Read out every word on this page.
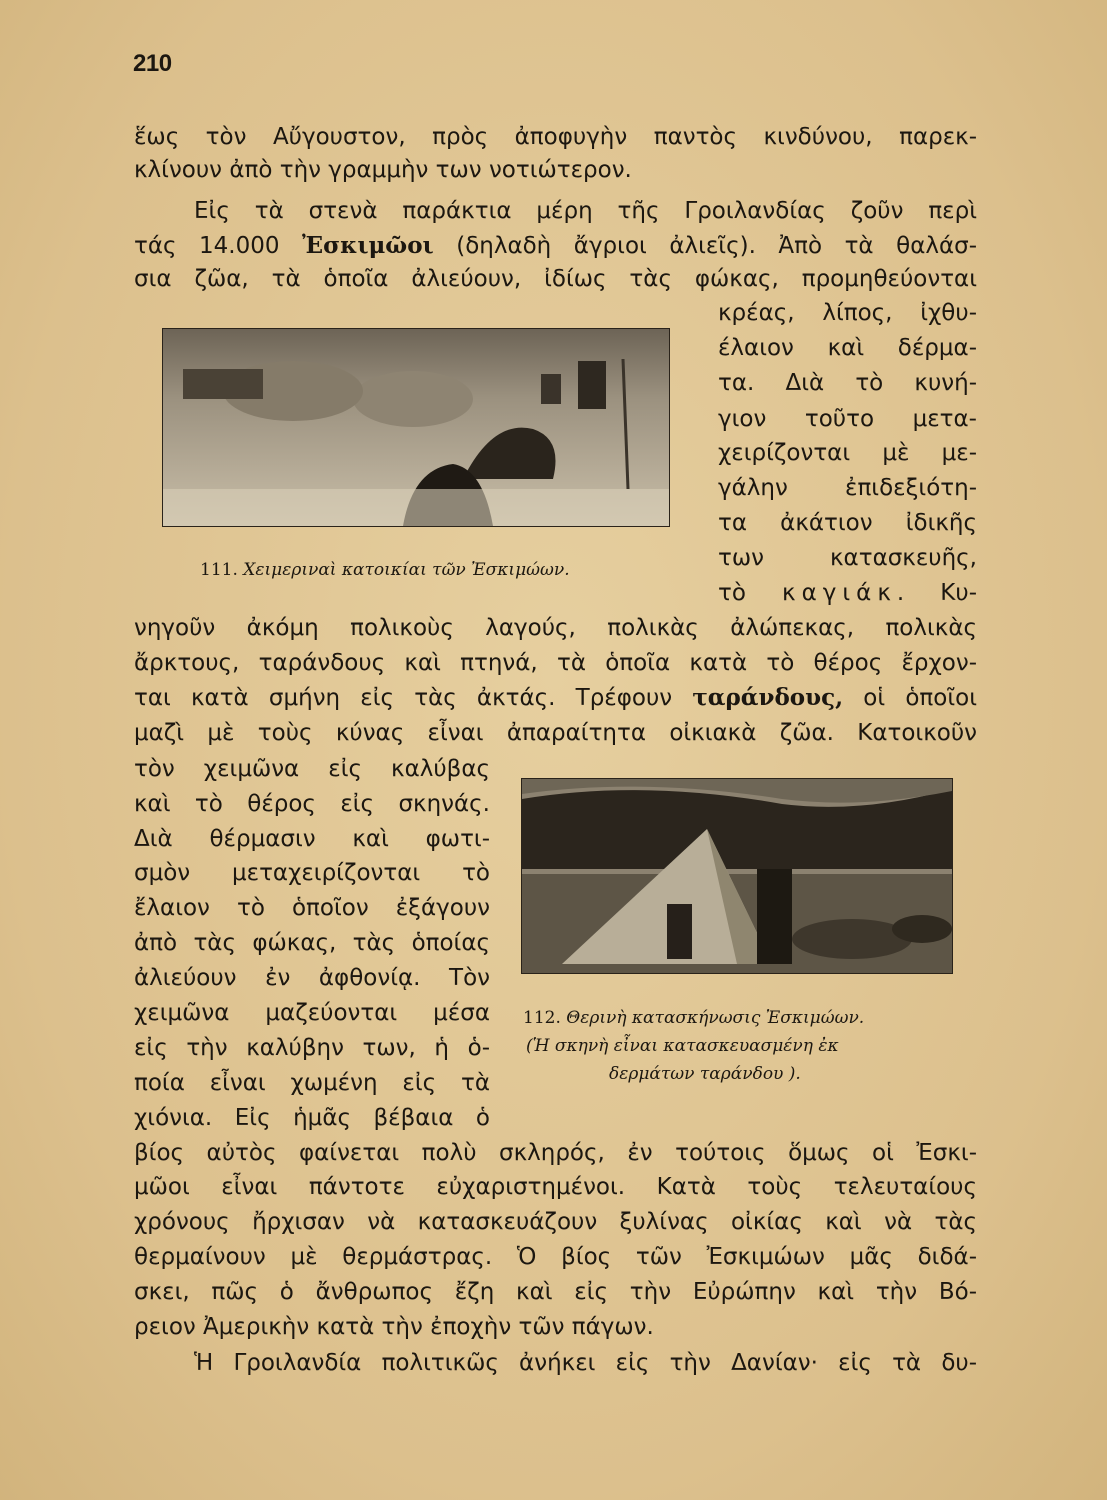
210
ἕως τὸν Αὔγουστον, πρὸς ἀποφυγὴν παντὸς κινδύνου, παρεκ-
κλίνουν ἀπὸ τὴν γραμμὴν των νοτιώτερον.
Εἰς τὰ στενὰ παράκτια μέρη τῆς Γροιλανδίας ζοῦν περὶ
τάς 14.000 Ἐσκιμῶοι (δηλαδὴ ἄγριοι ἀλιεῖς). Ἀπὸ τὰ θαλάσ-
σια ζῶα, τὰ ὁποῖα ἀλιεύουν, ἰδίως τὰς φώκας, προμηθεύονται
111. Χειμεριναὶ κατοικίαι τῶν Ἐσκιμώων.
κρέας, λίπος, ἰχθυ-
έλαιον καὶ δέρμα-
τα. Διὰ τὸ κυνή-
γιον τοῦτο μετα-
χειρίζονται μὲ με-
γάλην ἐπιδεξιότη-
τα ἀκάτιον ἰδικῆς
των κατασκευῆς,
τὸ καγιάκ. Κυ-
νηγοῦν ἀκόμη πολικοὺς λαγούς, πολικὰς ἀλώπεκας, πολικὰς
ἄρκτους, ταράνδους καὶ πτηνά, τὰ ὁποῖα κατὰ τὸ θέρος ἔρχον-
ται κατὰ σμήνη εἰς τὰς ἀκτάς. Τρέφουν ταράνδους, οἱ ὁποῖοι
μαζὶ μὲ τοὺς κύνας εἶναι ἀπαραίτητα οἰκιακὰ ζῶα. Κατοικοῦν
τὸν χειμῶνα εἰς καλύβας
καὶ τὸ θέρος εἰς σκηνάς.
Διὰ θέρμασιν καὶ φωτι-
σμὸν μεταχειρίζονται τὸ
ἔλαιον τὸ ὁποῖον ἐξάγουν
ἀπὸ τὰς φώκας, τὰς ὁποίας
ἀλιεύουν ἐν ἀφθονίᾳ. Τὸν
χειμῶνα μαζεύονται μέσα
εἰς τὴν καλύβην των, ἡ ὁ-
ποία εἶναι χωμένη εἰς τὰ
χιόνια. Εἰς ἡμᾶς βέβαια ὁ
112. Θερινὴ κατασκήνωσις Ἐσκιμώων.
(Ἡ σκηνὴ εἶναι κατασκευασμένη ἐκ
δερμάτων ταράνδου ).
βίος αὐτὸς φαίνεται πολὺ σκληρός, ἐν τούτοις ὅμως οἱ Ἐσκι-
μῶοι εἶναι πάντοτε εὐχαριστημένοι. Κατὰ τοὺς τελευταίους
χρόνους ἤρχισαν νὰ κατασκευάζουν ξυλίνας οἰκίας καὶ νὰ τὰς
θερμαίνουν μὲ θερμάστρας. Ὁ βίος τῶν Ἐσκιμώων μᾶς διδά-
σκει, πῶς ὁ ἄνθρωπος ἔζη καὶ εἰς τὴν Εὐρώπην καὶ τὴν Βό-
ρειον Ἀμερικὴν κατὰ τὴν ἐποχὴν τῶν πάγων.
Ἡ Γροιλανδία πολιτικῶς ἀνήκει εἰς τὴν Δανίαν· εἰς τὰ δυ-
